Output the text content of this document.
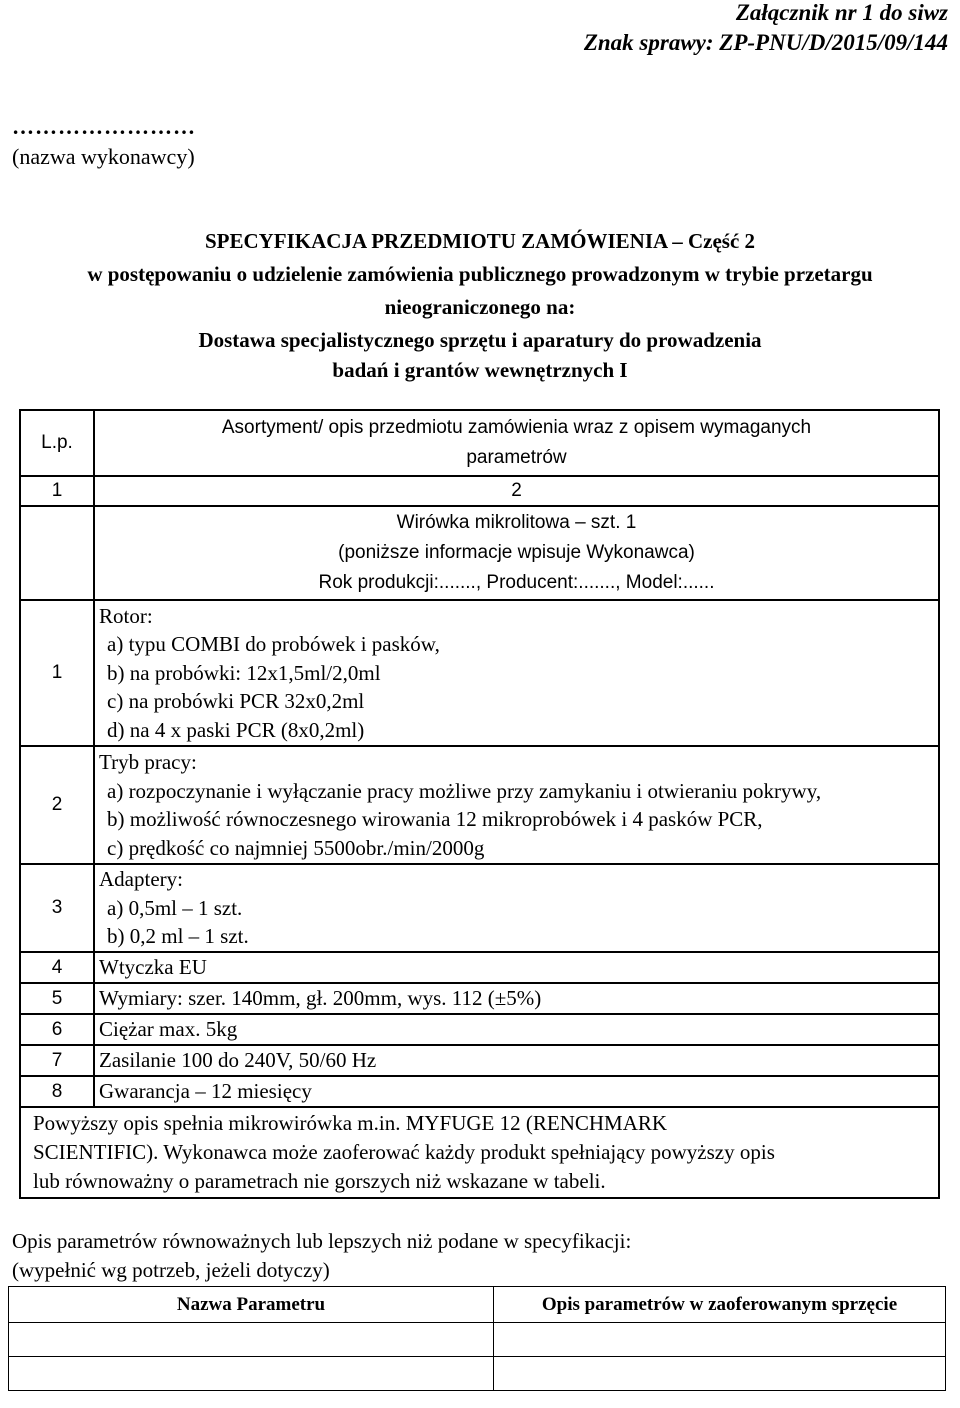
Załącznik nr 1 do siwz
Znak sprawy: ZP-PNU/D/2015/09/144
……………………
(nazwa wykonawcy)
SPECYFIKACJA PRZEDMIOTU ZAMÓWIENIA – Część 2
w postępowaniu o udzielenie zamówienia publicznego prowadzonym w trybie przetargu
nieograniczonego na:
Dostawa specjalistycznego sprzętu i aparatury do prowadzenia
badań i grantów wewnętrznych I
L.p.	Asortyment/ opis przedmiotu zamówienia wraz z opisem wymaganych
parametrów

1	2

	Wirówka mikrolitowa – szt. 1
(poniższe informacje wpisuje Wykonawca)
Rok produkcji:......., Producent:......., Model:......

1	Rotor:
a) typu COMBI do probówek i pasków,
b) na probówki: 12x1,5ml/2,0ml
c) na probówki PCR 32x0,2ml
d) na 4 x paski PCR (8x0,2ml)

2	Tryb pracy:
a) rozpoczynanie i wyłączanie pracy możliwe przy zamykaniu i otwieraniu pokrywy,
b) możliwość równoczesnego wirowania 12 mikroprobówek i 4 pasków PCR,
c) prędkość co najmniej 5500obr./min/2000g

3	Adaptery:
a) 0,5ml – 1 szt.
b) 0,2 ml – 1 szt.

4	Wtyczka EU
5	Wymiary: szer. 140mm, gł. 200mm, wys. 112 (±5%)
6	Ciężar max. 5kg
7	Zasilanie 100 do 240V, 50/60 Hz
8	Gwarancja – 12 miesięcy

Powyższy opis spełnia mikrowirówka m.in. MYFUGE 12 (RENCHMARK
SCIENTIFIC). Wykonawca może zaoferować każdy produkt spełniający powyższy opis
lub równoważny o parametrach nie gorszych niż wskazane w tabeli.	
Opis parametrów równoważnych lub lepszych niż podane w specyfikacji:
(wypełnić wg potrzeb, jeżeli dotyczy)
Nazwa Parametru	Opis parametrów w zaoferowanym sprzęcie
